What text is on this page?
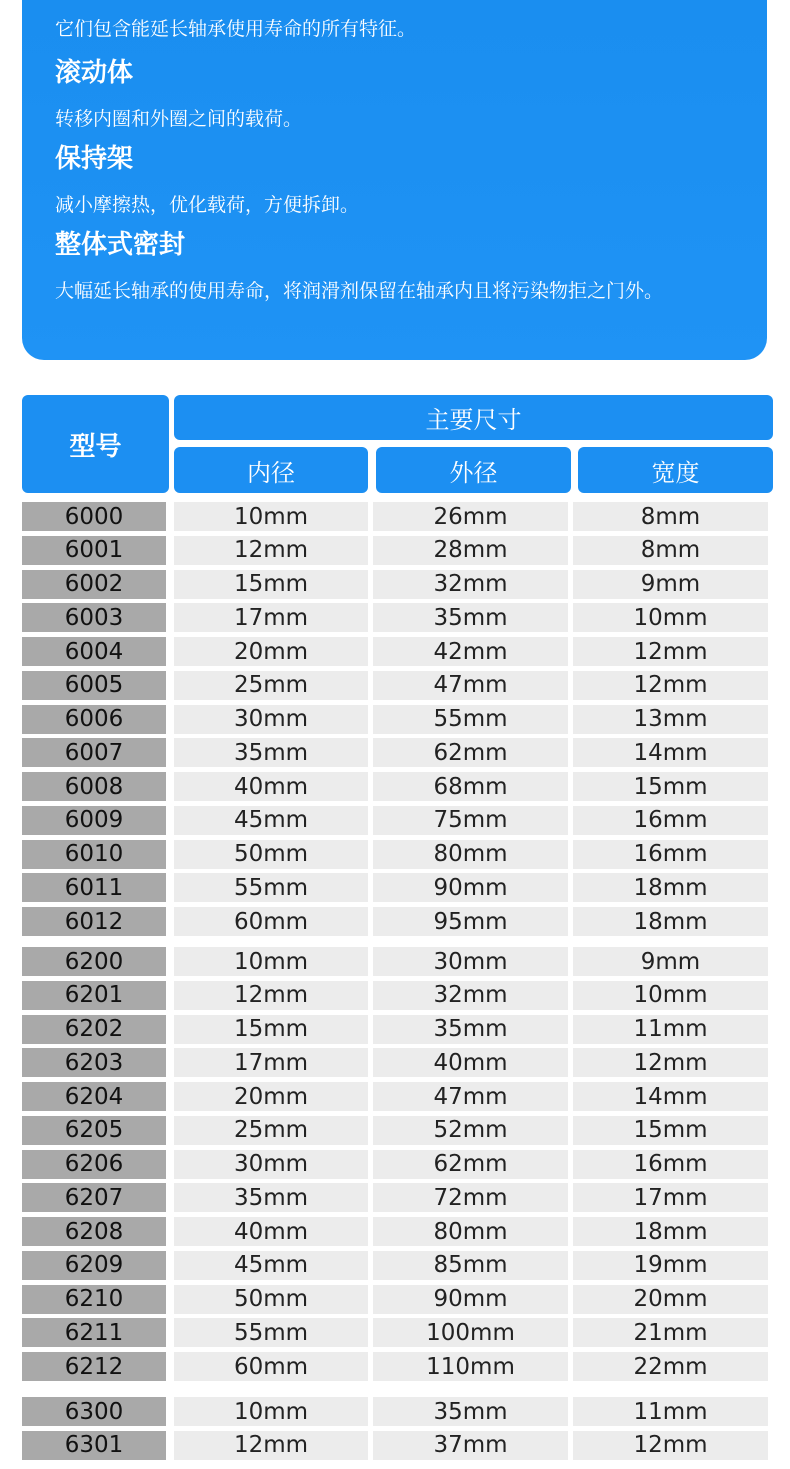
它们包含能延长轴承使用寿命的所有特征。
滚动体
转移内圈和外圈之间的载荷。
保持架
减小摩擦热，优化载荷，方便拆卸。
整体式密封
大幅延长轴承的使用寿命，将润滑剂保留在轴承内且将污染物拒之门外。
型号
主要尺寸
内径	外径	宽度
6000	10mm	26mm	8mm
6001	12mm	28mm	8mm
6002	15mm	32mm	9mm
6003	17mm	35mm	10mm
6004	20mm	42mm	12mm
6005	25mm	47mm	12mm
6006	30mm	55mm	13mm
6007	35mm	62mm	14mm
6008	40mm	68mm	15mm
6009	45mm	75mm	16mm
6010	50mm	80mm	16mm
6011	55mm	90mm	18mm
6012	60mm	95mm	18mm
6200	10mm	30mm	9mm
6201	12mm	32mm	10mm
6202	15mm	35mm	11mm
6203	17mm	40mm	12mm
6204	20mm	47mm	14mm
6205	25mm	52mm	15mm
6206	30mm	62mm	16mm
6207	35mm	72mm	17mm
6208	40mm	80mm	18mm
6209	45mm	85mm	19mm
6210	50mm	90mm	20mm
6211	55mm	100mm	21mm
6212	60mm	110mm	22mm
6300	10mm	35mm	11mm
6301	12mm	37mm	12mm
